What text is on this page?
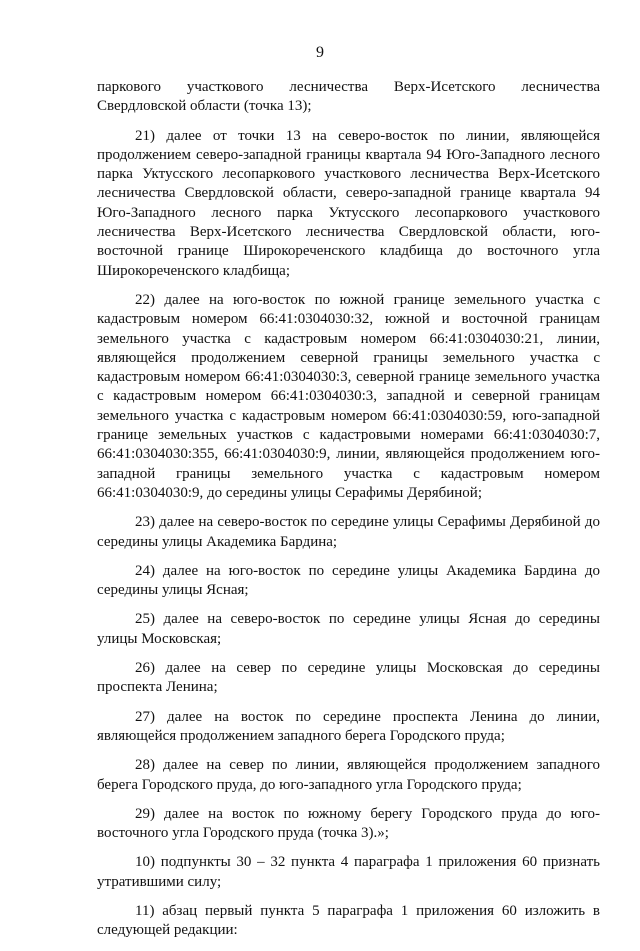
9

паркового участкового лесничества Верх-Исетского лесничества Свердловской области (точка 13);

21) далее от точки 13 на северо-восток по линии, являющейся продолжением северо-западной границы квартала 94 Юго-Западного лесного парка Уктусского лесопаркового участкового лесничества Верх-Исетского лесничества Свердловской области, северо-западной границе квартала 94 Юго-Западного лесного парка Уктусского лесопаркового участкового лесничества Верх-Исетского лесничества Свердловской области, юго-восточной границе Широкореченского кладбища до восточного угла Широкореченского кладбища;

22) далее на юго-восток по южной границе земельного участка с кадастровым номером 66:41:0304030:32, южной и восточной границам земельного участка с кадастровым номером 66:41:0304030:21, линии, являющейся продолжением северной границы земельного участка с кадастровым номером 66:41:0304030:3, северной границе земельного участка с кадастровым номером 66:41:0304030:3, западной и северной границам земельного участка с кадастровым номером 66:41:0304030:59, юго-западной границе земельных участков с кадастровыми номерами 66:41:0304030:7, 66:41:0304030:355, 66:41:0304030:9, линии, являющейся продолжением юго-западной границы земельного участка с кадастровым номером 66:41:0304030:9, до середины улицы Серафимы Дерябиной;

23) далее на северо-восток по середине улицы Серафимы Дерябиной до середины улицы Академика Бардина;

24) далее на юго-восток по середине улицы Академика Бардина до середины улицы Ясная;

25) далее на северо-восток по середине улицы Ясная до середины улицы Московская;

26) далее на север по середине улицы Московская до середины проспекта Ленина;

27) далее на восток по середине проспекта Ленина до линии, являющейся продолжением западного берега Городского пруда;

28) далее на север по линии, являющейся продолжением западного берега Городского пруда, до юго-западного угла Городского пруда;

29) далее на восток по южному берегу Городского пруда до юго-восточного угла Городского пруда (точка 3).»;

10) подпункты 30 – 32 пункта 4 параграфа 1 приложения 60 признать утратившими силу;

11) абзац первый пункта 5 параграфа 1 приложения 60 изложить в следующей редакции:
